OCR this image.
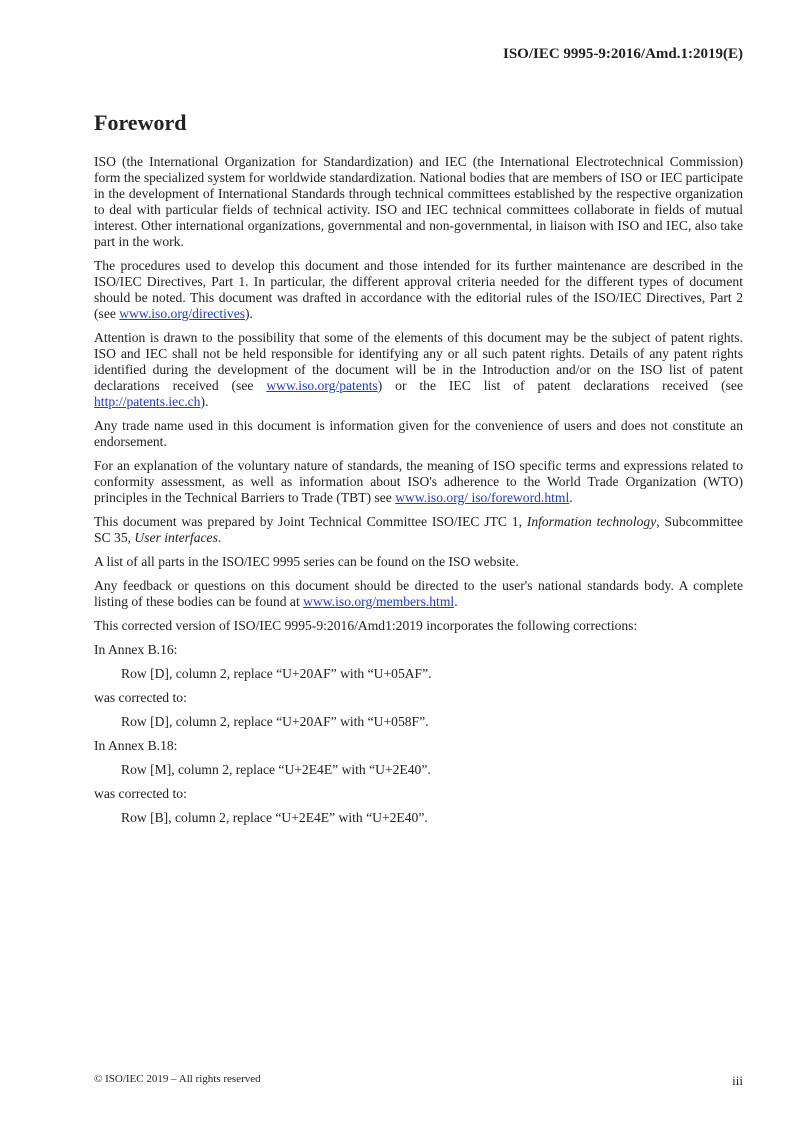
ISO/IEC 9995-9:2016/Amd.1:2019(E)
Foreword

ISO (the International Organization for Standardization) and IEC (the International Electrotechnical Commission) form the specialized system for worldwide standardization. National bodies that are members of ISO or IEC participate in the development of International Standards through technical committees established by the respective organization to deal with particular fields of technical activity. ISO and IEC technical committees collaborate in fields of mutual interest. Other international organizations, governmental and non-governmental, in liaison with ISO and IEC, also take part in the work.

The procedures used to develop this document and those intended for its further maintenance are described in the ISO/IEC Directives, Part 1. In particular, the different approval criteria needed for the different types of document should be noted. This document was drafted in accordance with the editorial rules of the ISO/IEC Directives, Part 2 (see www.iso.org/directives).

Attention is drawn to the possibility that some of the elements of this document may be the subject of patent rights. ISO and IEC shall not be held responsible for identifying any or all such patent rights. Details of any patent rights identified during the development of the document will be in the Introduction and/or on the ISO list of patent declarations received (see www.iso.org/patents) or the IEC list of patent declarations received (see http://patents.iec.ch).

Any trade name used in this document is information given for the convenience of users and does not constitute an endorsement.

For an explanation of the voluntary nature of standards, the meaning of ISO specific terms and expressions related to conformity assessment, as well as information about ISO's adherence to the World Trade Organization (WTO) principles in the Technical Barriers to Trade (TBT) see www.iso.org/ iso/foreword.html.

This document was prepared by Joint Technical Committee ISO/IEC JTC 1, Information technology, Subcommittee SC 35, User interfaces.

A list of all parts in the ISO/IEC 9995 series can be found on the ISO website.

Any feedback or questions on this document should be directed to the user's national standards body. A complete listing of these bodies can be found at www.iso.org/members.html.

This corrected version of ISO/IEC 9995-9:2016/Amd1:2019 incorporates the following corrections:

In Annex B.16:

Row [D], column 2, replace “U+20AF” with “U+05AF”.

was corrected to:

Row [D], column 2, replace “U+20AF” with “U+058F”.

In Annex B.18:

Row [M], column 2, replace “U+2E4E” with “U+2E40”.

was corrected to:

Row [B], column 2, replace “U+2E4E” with “U+2E40”.

© ISO/IEC 2019 – All rights reserved	iii
